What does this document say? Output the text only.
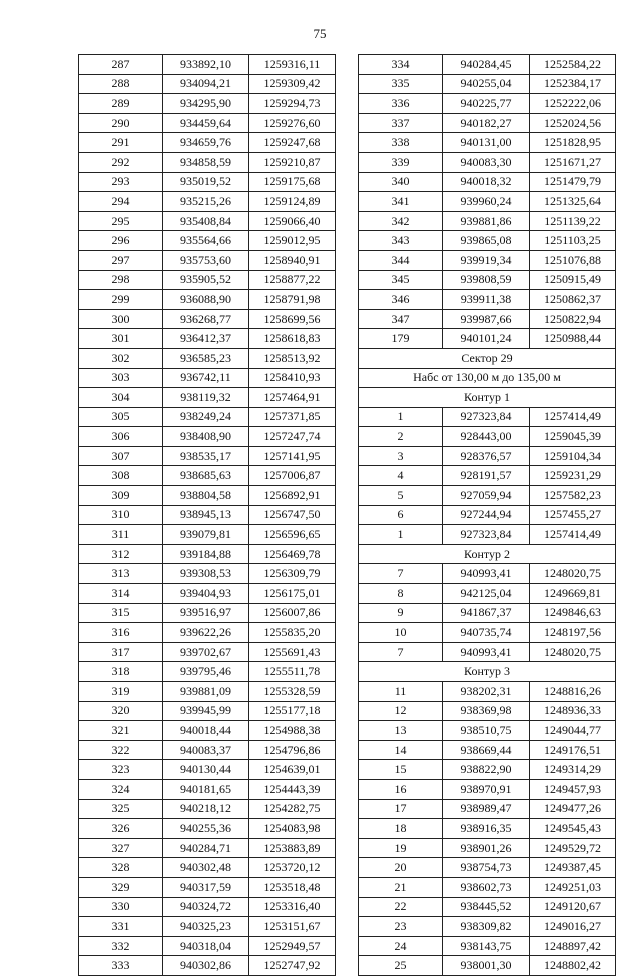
75
287	933892,10	1259316,11
288	934094,21	1259309,42
289	934295,90	1259294,73
290	934459,64	1259276,60
291	934659,76	1259247,68
292	934858,59	1259210,87
293	935019,52	1259175,68
294	935215,26	1259124,89
295	935408,84	1259066,40
296	935564,66	1259012,95
297	935753,60	1258940,91
298	935905,52	1258877,22
299	936088,90	1258791,98
300	936268,77	1258699,56
301	936412,37	1258618,83
302	936585,23	1258513,92
303	936742,11	1258410,93
304	938119,32	1257464,91
305	938249,24	1257371,85
306	938408,90	1257247,74
307	938535,17	1257141,95
308	938685,63	1257006,87
309	938804,58	1256892,91
310	938945,13	1256747,50
311	939079,81	1256596,65
312	939184,88	1256469,78
313	939308,53	1256309,79
314	939404,93	1256175,01
315	939516,97	1256007,86
316	939622,26	1255835,20
317	939702,67	1255691,43
318	939795,46	1255511,78
319	939881,09	1255328,59
320	939945,99	1255177,18
321	940018,44	1254988,38
322	940083,37	1254796,86
323	940130,44	1254639,01
324	940181,65	1254443,39
325	940218,12	1254282,75
326	940255,36	1254083,98
327	940284,71	1253883,89
328	940302,48	1253720,12
329	940317,59	1253518,48
330	940324,72	1253316,40
331	940325,23	1253151,67
332	940318,04	1252949,57
333	940302,86	1252747,92
334	940284,45	1252584,22
335	940255,04	1252384,17
336	940225,77	1252222,06
337	940182,27	1252024,56
338	940131,00	1251828,95
339	940083,30	1251671,27
340	940018,32	1251479,79
341	939960,24	1251325,64
342	939881,86	1251139,22
343	939865,08	1251103,25
344	939919,34	1251076,88
345	939808,59	1250915,49
346	939911,38	1250862,37
347	939987,66	1250822,94
179	940101,24	1250988,44
Сектор 29		
Набс от 130,00 м до 135,00 м		
Контур 1		
1	927323,84	1257414,49
2	928443,00	1259045,39
3	928376,57	1259104,34
4	928191,57	1259231,29
5	927059,94	1257582,23
6	927244,94	1257455,27
1	927323,84	1257414,49
Контур 2		
7	940993,41	1248020,75
8	942125,04	1249669,81
9	941867,37	1249846,63
10	940735,74	1248197,56
7	940993,41	1248020,75
Контур 3		
11	938202,31	1248816,26
12	938369,98	1248936,33
13	938510,75	1249044,77
14	938669,44	1249176,51
15	938822,90	1249314,29
16	938970,91	1249457,93
17	938989,47	1249477,26
18	938916,35	1249545,43
19	938901,26	1249529,72
20	938754,73	1249387,45
21	938602,73	1249251,03
22	938445,52	1249120,67
23	938309,82	1249016,27
24	938143,75	1248897,42
25	938001,30	1248802,42
